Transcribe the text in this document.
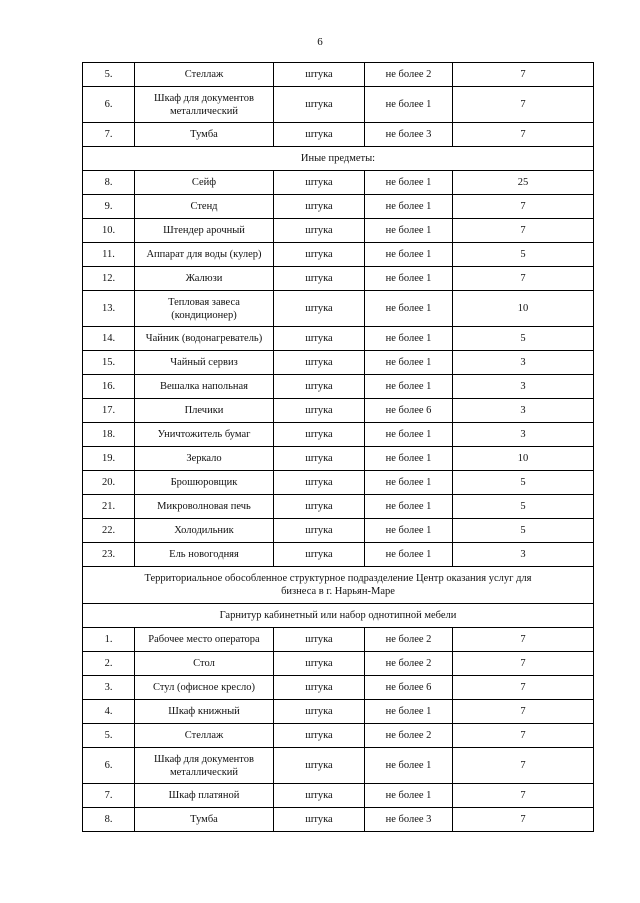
6
5.	Стеллаж	штука	не более 2	7
6.	Шкаф для документов металлический	штука	не более 1	7
7.	Тумба	штука	не более 3	7
Иные предметы:				
8.	Сейф	штука	не более 1	25
9.	Стенд	штука	не более 1	7
10.	Штендер арочный	штука	не более 1	7
11.	Аппарат для воды (кулер)	штука	не более 1	5
12.	Жалюзи	штука	не более 1	7
13.	Тепловая завеса (кондиционер)	штука	не более 1	10
14.	Чайник (водонагреватель)	штука	не более 1	5
15.	Чайный сервиз	штука	не более 1	3
16.	Вешалка напольная	штука	не более 1	3
17.	Плечики	штука	не более 6	3
18.	Уничтожитель бумаг	штука	не более 1	3
19.	Зеркало	штука	не более 1	10
20.	Брошюровщик	штука	не более 1	5
21.	Микроволновая печь	штука	не более 1	5
22.	Холодильник	штука	не более 1	5
23.	Ель новогодняя	штука	не более 1	3
Территориальное обособленное структурное подразделение Центр оказания услуг для бизнеса в г. Нарьян-Маре				
Гарнитур кабинетный или набор однотипной мебели				
1.	Рабочее место оператора	штука	не более 2	7
2.	Стол	штука	не более 2	7
3.	Стул (офисное кресло)	штука	не более 6	7
4.	Шкаф книжный	штука	не более 1	7
5.	Стеллаж	штука	не более 2	7
6.	Шкаф для документов металлический	штука	не более 1	7
7.	Шкаф платяной	штука	не более 1	7
8.	Тумба	штука	не более 3	7
